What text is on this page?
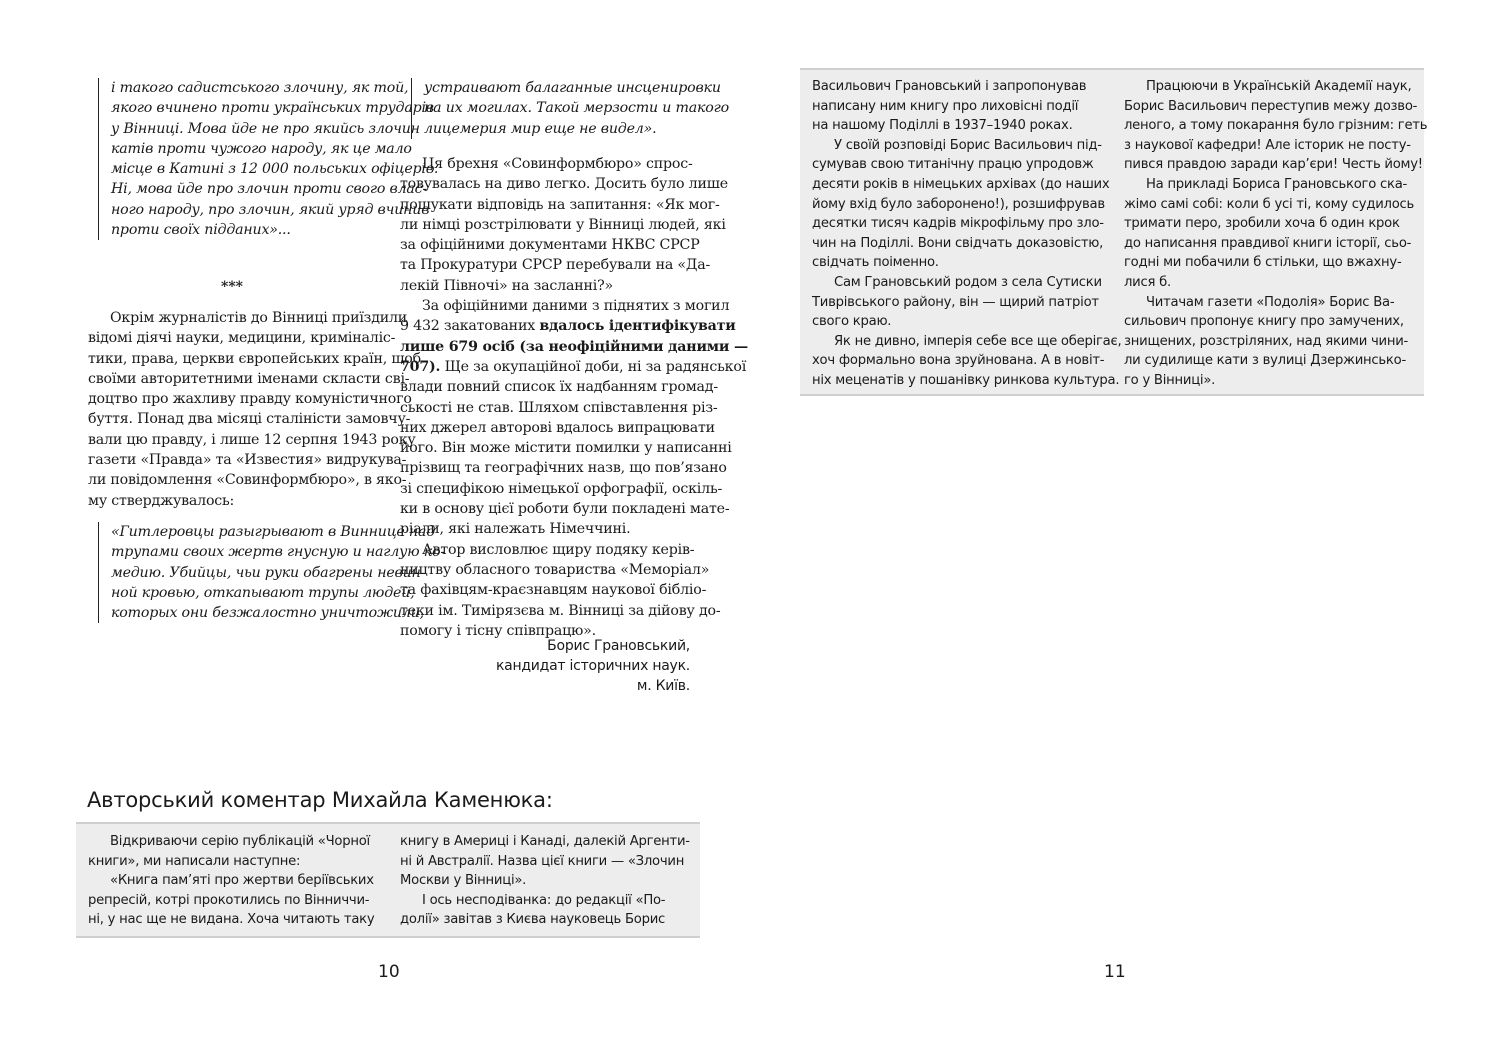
і такого садистського злочину, як той,
якого вчинено проти українських трударів
у Вінниці. Мова йде не про якийсь злочин
катів проти чужого народу, як це мало
місце в Катині з 12 000 польських офіцерів.
Ні, мова йде про злочин проти свого влас-
ного народу, про злочин, який уряд вчинив
проти своїх підданих»...
***
Окрім журналістів до Вінниці приїздили
відомі діячі науки, медицини, криміналіс-
тики, права, церкви європейських країн, щоб
своїми авторитетними іменами скласти сві-
доцтво про жахливу правду комуністичного
буття. Понад два місяці сталіністи замовчу-
вали цю правду, і лише 12 серпня 1943 року
газети «Правда» та «Известия» видрукува-
ли повідомлення «Совинформбюро», в яко-
му стверджувалось:
«Гитлеровцы разыгрывают в Виннице над
трупами своих жертв гнусную и наглую ко-
медию. Убийцы, чьи руки обагрены невин-
ной кровью, откапывают трупы людей,
которых они безжалостно уничтожили,
устраивают балаганные инсценировки
на их могилах. Такой мерзости и такого
лицемерия мир еще не видел».
Ця брехня «Совинформбюро» спрос-
товувалась на диво легко. Досить було лише
пошукати відповідь на запитання: «Як мог-
ли німці розстрілювати у Вінниці людей, які
за офіційними документами НКВС СРСР
та Прокуратури СРСР перебували на «Да-
лекій Півночі» на засланні?»
За офіційними даними з піднятих з могил
9 432 закатованих вдалось ідентифікувати
лише 679 осіб (за неофіційними даними —
707). Ще за окупаційної доби, ні за радянської
влади повний список їх надбанням громад-
ськості не став. Шляхом співставлення різ-
них джерел авторові вдалось випрацювати
його. Він може містити помилки у написанні
прізвищ та географічних назв, що пов’язано
зі специфікою німецької орфографії, оскіль-
ки в основу цієї роботи були покладені мате-
ріали, які належать Німеччині.
Автор висловлює щиру подяку керів-
ництву обласного товариства «Меморіал»
та фахівцям-краєзнавцям наукової бібліо-
теки ім. Тимірязєва м. Вінниці за дійову до-
помогу і тісну співпрацю».
Борис Грановський,
кандидат історичних наук.
м. Київ.
Авторський коментар Михайла Каменюка:
Відкриваючи серію публікацій «Чорної
книги», ми написали наступне:
«Книга пам’яті про жертви беріївських
репресій, котрі прокотились по Вінниччи-
ні, у нас ще не видана. Хоча читають таку
книгу в Америці і Канаді, далекій Аргенти-
ні й Австралії. Назва цієї книги — «Злочин
Москви у Вінниці».
І ось несподіванка: до редакції «По-
долії» завітав з Києва науковець Борис
10
Васильович Грановський і запропонував
написану ним книгу про лиховісні події
на нашому Поділлі в 1937–1940 роках.
У своїй розповіді Борис Васильович під-
сумував свою титанічну працю упродовж
десяти років в німецьких архівах (до наших
йому вхід було заборонено!), розшифрував
десятки тисяч кадрів мікрофільму про зло-
чин на Поділлі. Вони свідчать доказовістю,
свідчать поіменно.
Сам Грановський родом з села Сутиски
Тиврівського району, він — щирий патріот
свого краю.
Як не дивно, імперія себе все ще оберігає,
хоч формально вона зруйнована. А в новіт-
ніх меценатів у пошанівку ринкова культура.
Працюючи в Українській Академії наук,
Борис Васильович переступив межу дозво-
леного, а тому покарання було грізним: геть
з наукової кафедри! Але історик не посту-
пився правдою заради кар’єри! Честь йому!
На прикладі Бориса Грановського ска-
жімо самі собі: коли б усі ті, кому судилось
тримати перо, зробили хоча б один крок
до написання правдивої книги історії, сьо-
годні ми побачили б стільки, що вжахну-
лися б.
Читачам газети «Подолія» Борис Ва-
сильович пропонує книгу про замучених,
знищених, розстріляних, над якими чини-
ли судилище кати з вулиці Дзержинсько-
го у Вінниці».
11
